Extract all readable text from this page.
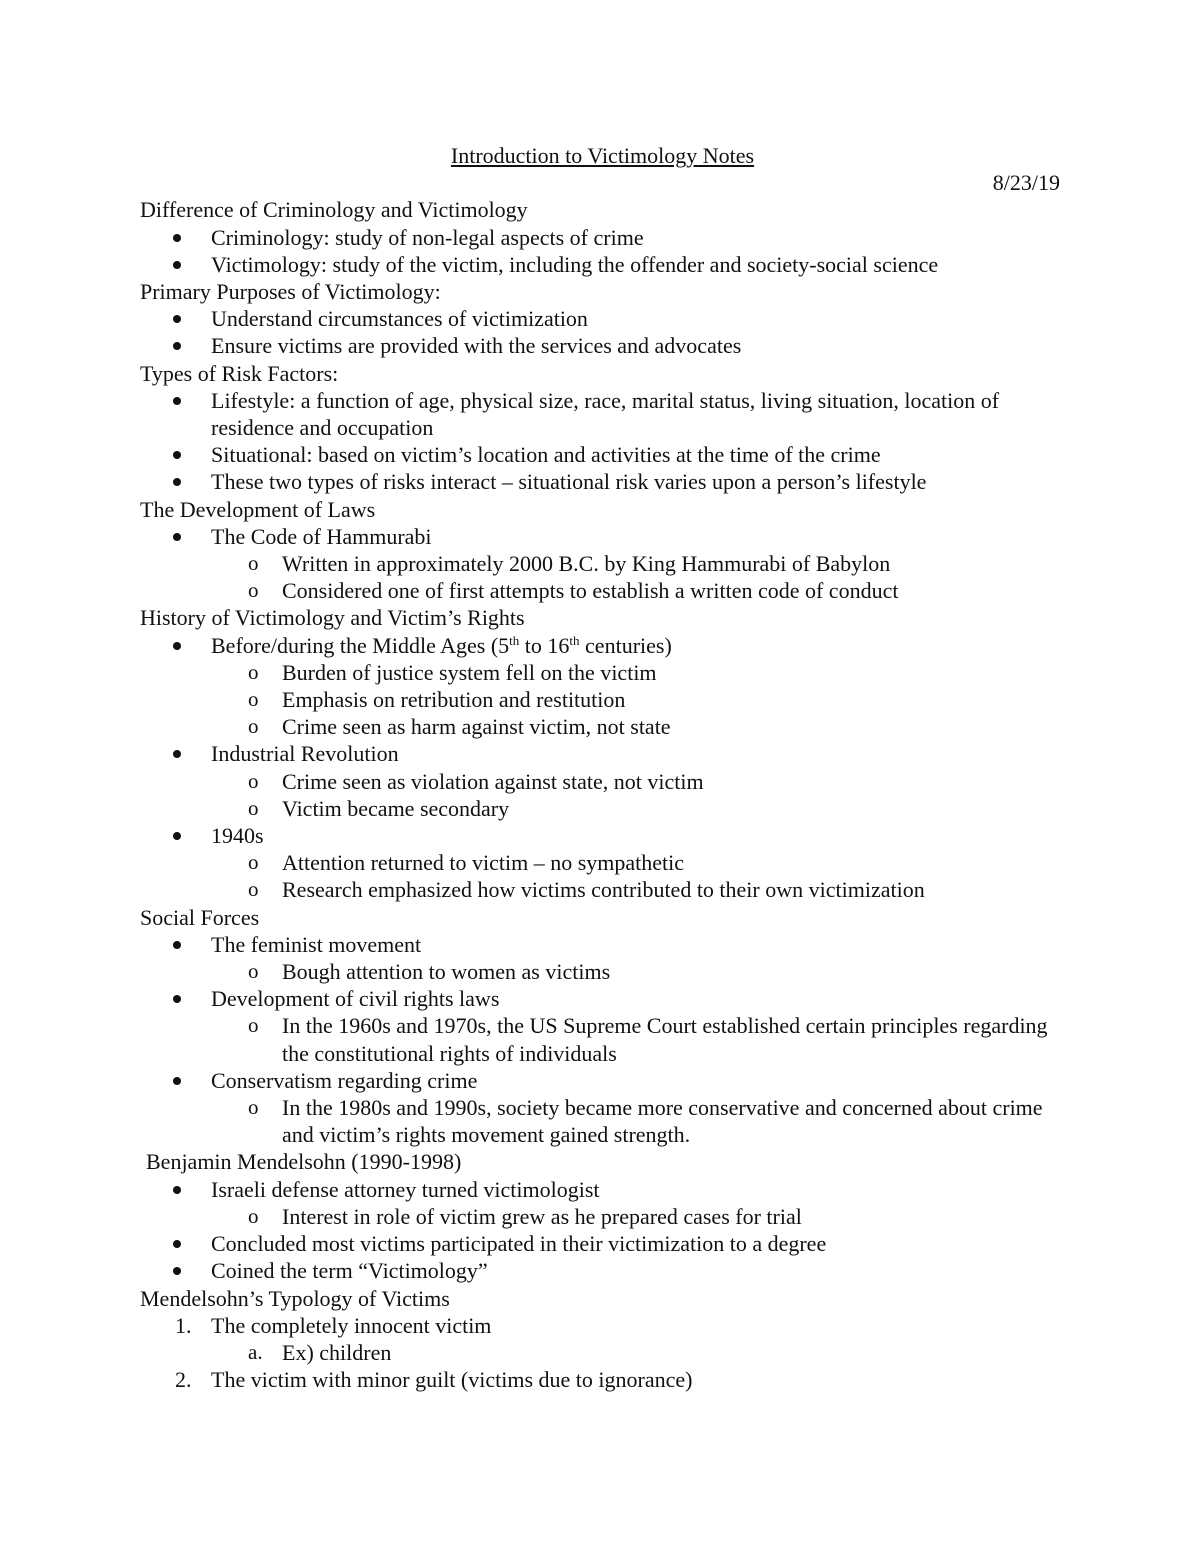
Introduction to Victimology Notes
8/23/19
Difference of Criminology and Victimology
Criminology: study of non-legal aspects of crime
Victimology: study of the victim, including the offender and society-social science
Primary Purposes of Victimology:
Understand circumstances of victimization
Ensure victims are provided with the services and advocates
Types of Risk Factors:
Lifestyle: a function of age, physical size, race, marital status, living situation, location of residence and occupation
Situational: based on victim’s location and activities at the time of the crime
These two types of risks interact – situational risk varies upon a person’s lifestyle
The Development of Laws
The Code of Hammurabi
o Written in approximately 2000 B.C. by King Hammurabi of Babylon
o Considered one of first attempts to establish a written code of conduct
History of Victimology and Victim’s Rights
Before/during the Middle Ages (5th to 16th centuries)
o Burden of justice system fell on the victim
o Emphasis on retribution and restitution
o Crime seen as harm against victim, not state
Industrial Revolution
o Crime seen as violation against state, not victim
o Victim became secondary
1940s
o Attention returned to victim – no sympathetic
o Research emphasized how victims contributed to their own victimization
Social Forces
The feminist movement
o Bough attention to women as victims
Development of civil rights laws
o In the 1960s and 1970s, the US Supreme Court established certain principles regarding the constitutional rights of individuals
Conservatism regarding crime
o In the 1980s and 1990s, society became more conservative and concerned about crime and victim’s rights movement gained strength.
Benjamin Mendelsohn (1990-1998)
Israeli defense attorney turned victimologist
o Interest in role of victim grew as he prepared cases for trial
Concluded most victims participated in their victimization to a degree
Coined the term “Victimology”
Mendelsohn’s Typology of Victims
1. The completely innocent victim
a. Ex) children
2. The victim with minor guilt (victims due to ignorance)
